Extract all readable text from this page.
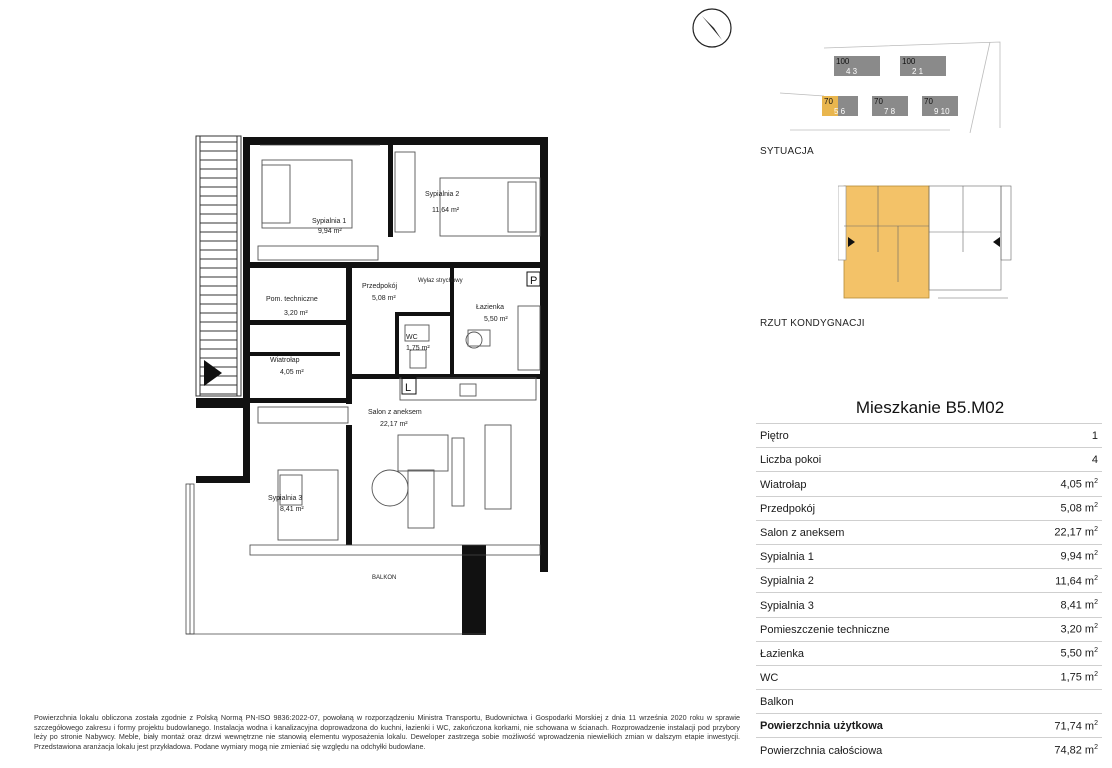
Sypialnia 1
9,94 m²
Sypialnia 2
11,64 m²
Pom. techniczne
3,20 m²
Przedpokój
5,08 m²
Łazienka
5,50 m²
WC
1,75 m²
Wiatrołap
4,05 m²
Salon z aneksem
22,17 m²
Sypialnia 3
8,41 m²
Wyłaz strychowy
BALKON
P
L
100
4 3
100
2 1
70
5 6
70
7 8
70
9 10
SYTUACJA
RZUT KONDYGNACJI
Mieszkanie B5.M02
Piętro	1
Liczba pokoi	4
Wiatrołap	4,05 $m^2$
Przedpokój	5,08 $m^2$
Salon z aneksem	22,17 $m^2$
Sypialnia 1	9,94 $m^2$
Sypialnia 2	11,64 $m^2$
Sypialnia 3	8,41 $m^2$
Pomieszczenie techniczne	3,20 $m^2$
Łazienka	5,50 $m^2$
WC	1,75 $m^2$
Balkon
Powierzchnia użytkowa	71,74 $m^2$
Powierzchnia całościowa	74,82 $m^2$
Powierzchnia lokalu obliczona została zgodnie z Polską Normą PN-ISO 9836:2022-07, powołaną w rozporządzeniu Ministra Transportu, Budownictwa i Gospodarki Morskiej z dnia 11 września 2020 roku w sprawie szczegółowego zakresu i formy projektu budowlanego. Instalacja wodna i kanalizacyjna doprowadzona do kuchni, łazienki i WC, zakończona korkami, nie schowana w ścianach. Rozprowadzenie instalacji pod przybory leży po stronie Nabywcy. Meble, biały montaż oraz drzwi wewnętrzne nie stanowią elementu wyposażenia lokalu. Deweloper zastrzega sobie możliwość wprowadzenia niewielkich zmian w dalszym etapie inwestycji. Przedstawiona aranżacja lokalu jest przykładowa. Podane wymiary mogą nie zmieniać się względu na odchyłki budowlane.
